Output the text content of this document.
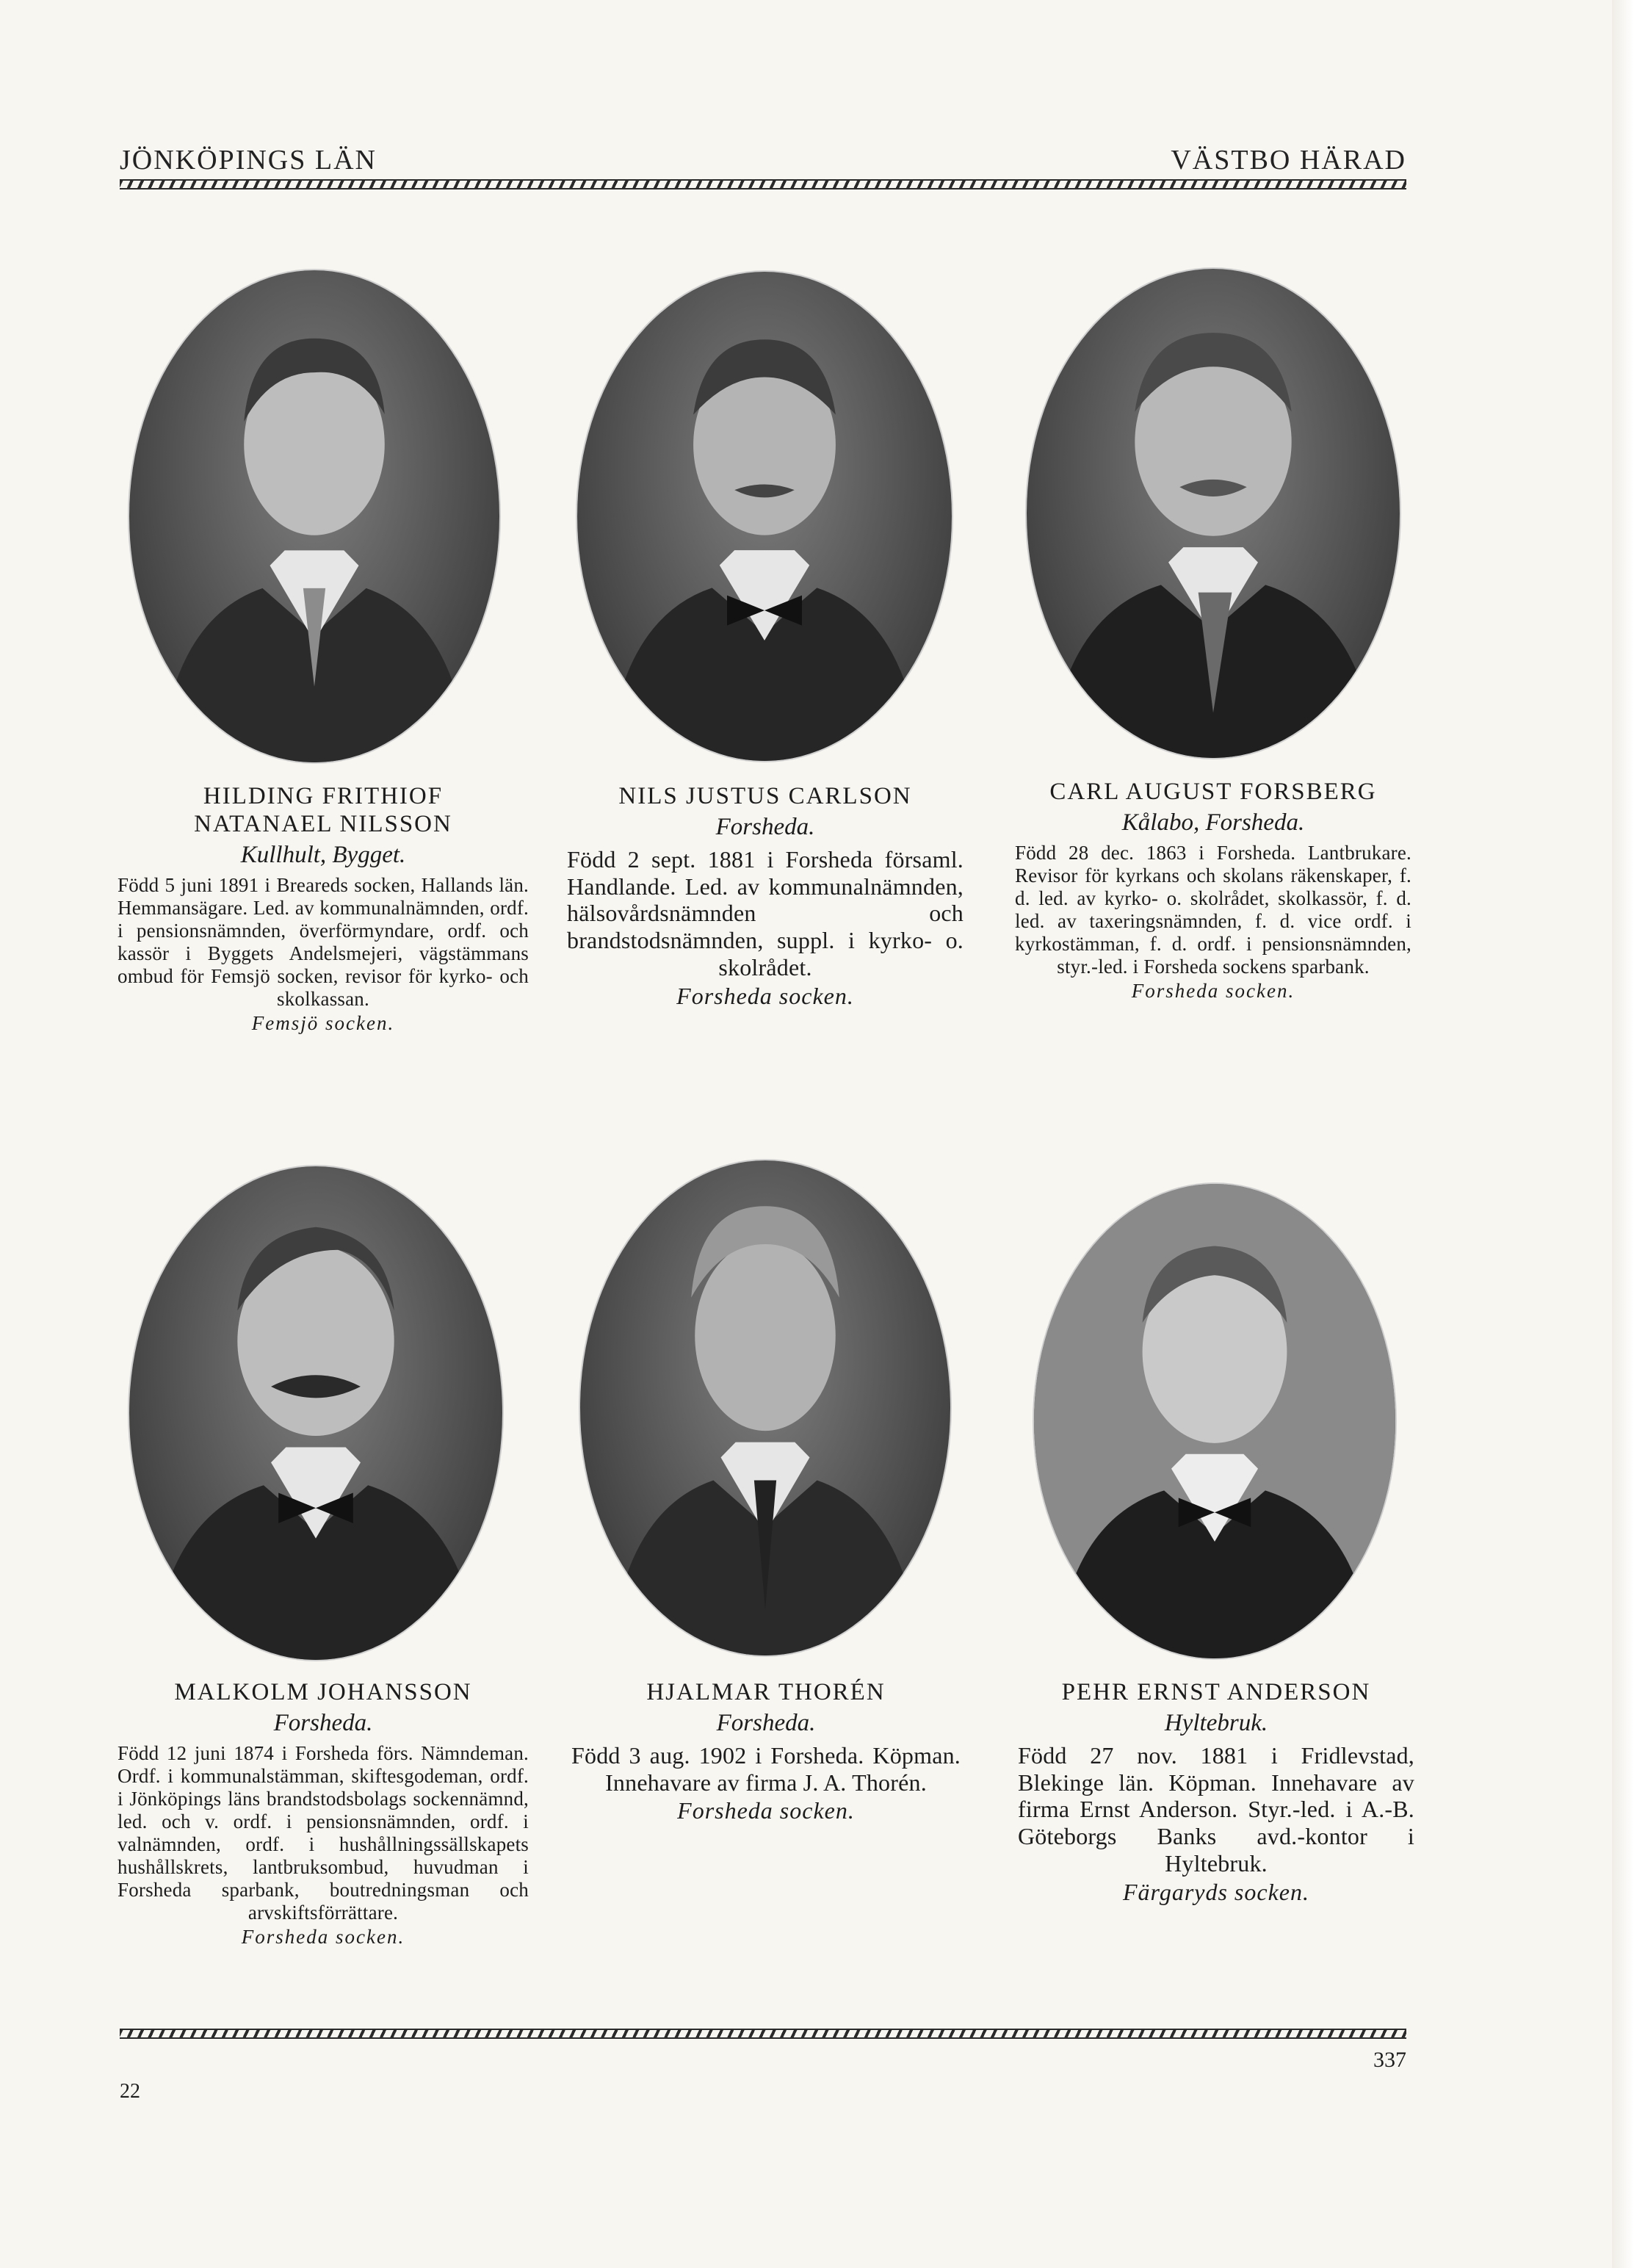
JÖNKÖPINGS LÄN	VÄSTBO HÄRAD
HILDING FRITHIOF
NATANAEL NILSSON
Kullhult, Bygget.
Född 5 juni 1891 i Breareds socken, Hallands län. Hemmansägare. Led. av kommunalnämnden, ordf. i pensionsnämnden, överförmyndare, ordf. och kassör i Byggets Andelsmejeri, vägstämmans ombud för Femsjö socken, revisor för kyrko- och skolkassan.
Femsjö socken.
NILS JUSTUS CARLSON
Forsheda.
Född 2 sept. 1881 i Forsheda församl. Handlande. Led. av kommunalnämnden, hälsovårdsnämnden och brandstodsnämnden, suppl. i kyrko- o. skolrådet.
Forsheda socken.
CARL AUGUST FORSBERG
Kålabo, Forsheda.
Född 28 dec. 1863 i Forsheda. Lantbrukare. Revisor för kyrkans och skolans räkenskaper, f. d. led. av kyrko- o. skolrådet, skolkassör, f. d. led. av taxeringsnämnden, f. d. vice ordf. i kyrkostämman, f. d. ordf. i pensionsnämnden, styr.-led. i Forsheda sockens sparbank.
Forsheda socken.
MALKOLM JOHANSSON
Forsheda.
Född 12 juni 1874 i Forsheda förs. Nämndeman. Ordf. i kommunalstämman, skiftesgodeman, ordf. i Jönköpings läns brandstodsbolags sockennämnd, led. och v. ordf. i pensionsnämnden, ordf. i valnämnden, ordf. i hushållningssällskapets hushållskrets, lantbruksombud, huvudman i Forsheda sparbank, boutredningsman och arvskiftsförrättare.
Forsheda socken.
HJALMAR THORÉN
Forsheda.
Född 3 aug. 1902 i Forsheda. Köpman. Innehavare av firma J. A. Thorén.
Forsheda socken.
PEHR ERNST ANDERSON
Hyltebruk.
Född 27 nov. 1881 i Fridlevstad, Blekinge län. Köpman. Innehavare av firma Ernst Anderson. Styr.-led. i A.-B. Göteborgs Banks avd.-kontor i Hyltebruk.
Färgaryds socken.
337
22
